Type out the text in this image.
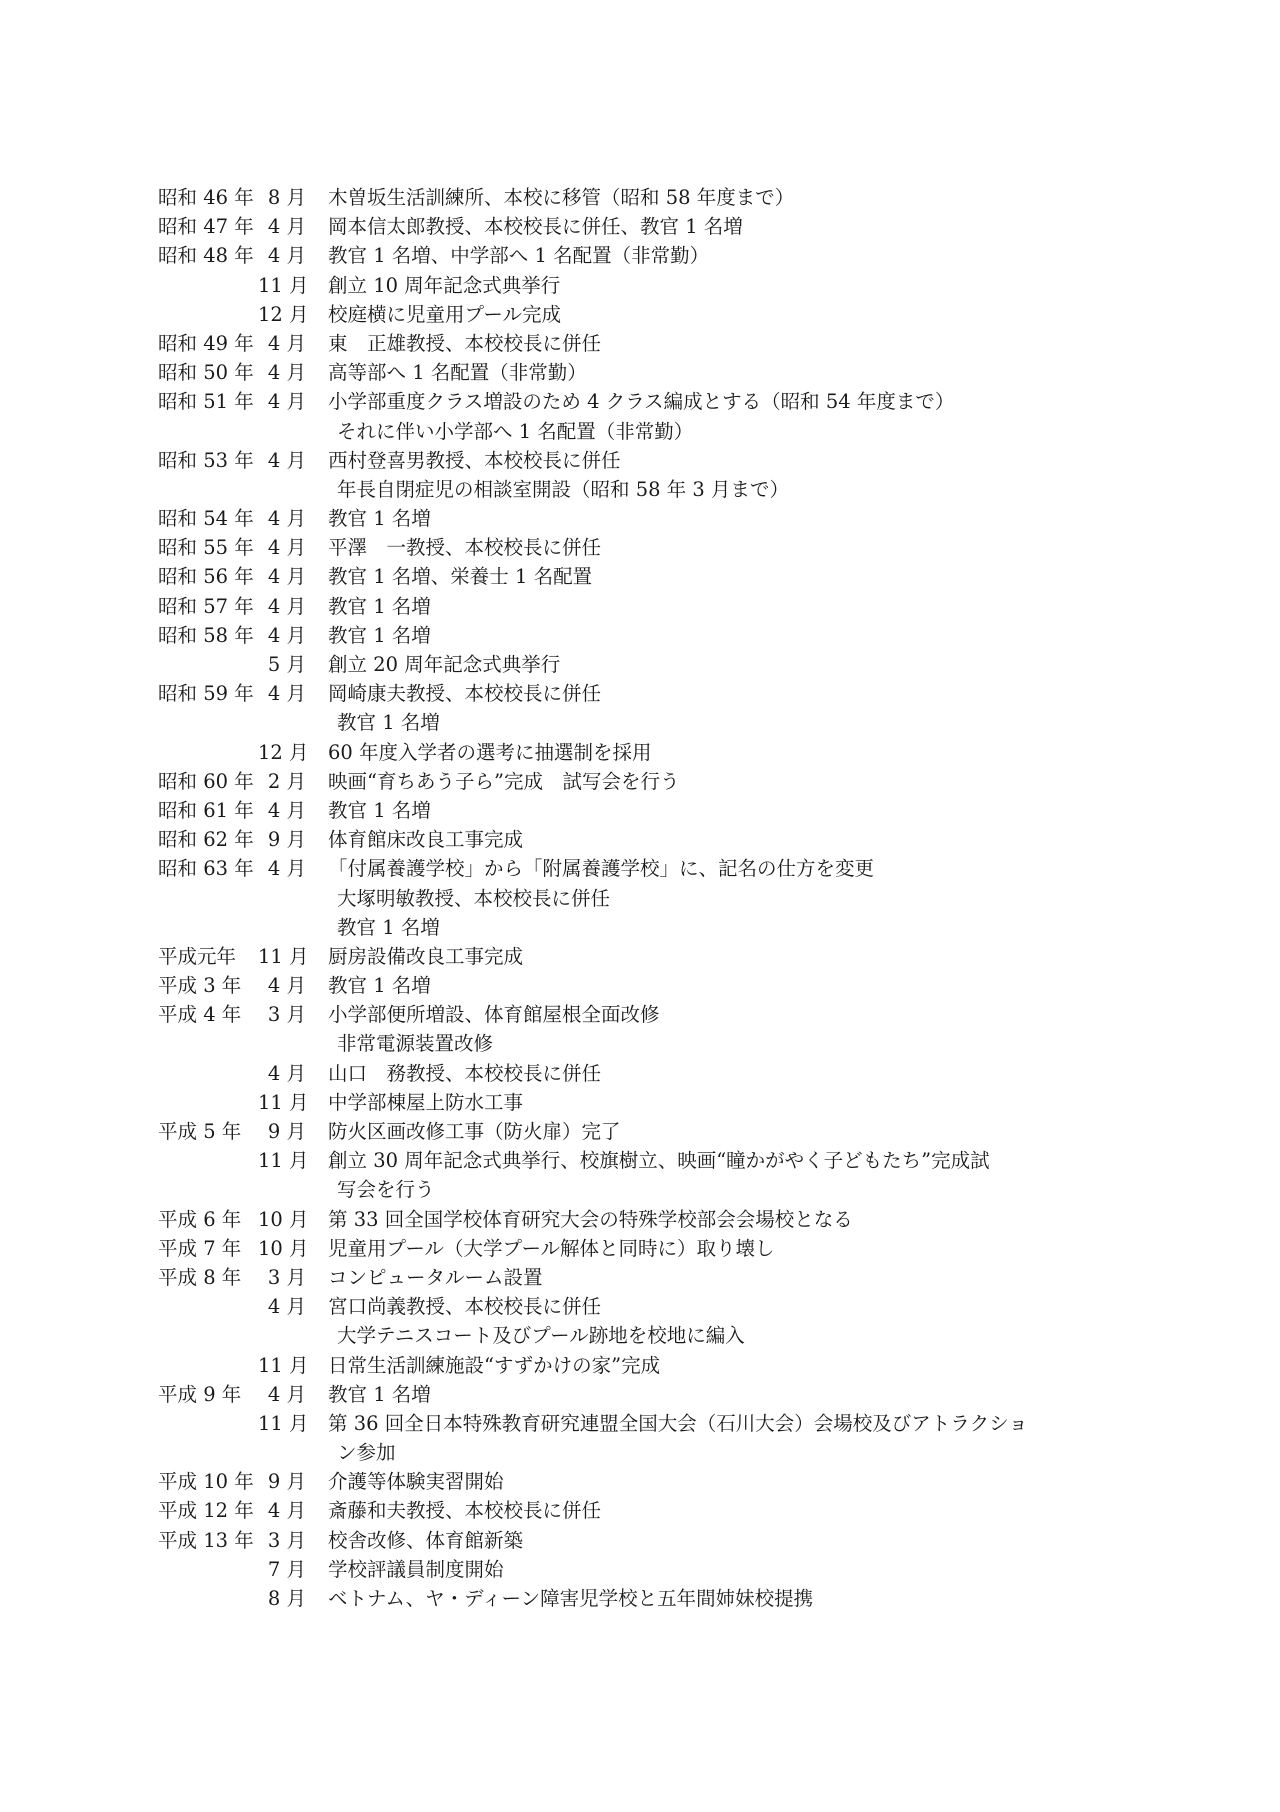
昭和 46 年 8 月 木曽坂生活訓練所、本校に移管（昭和 58 年度まで）
昭和 47 年 4 月 岡本信太郎教授、本校校長に併任、教官 1 名増
昭和 48 年 4 月 教官 1 名増、中学部へ 1 名配置（非常勤）
11 月 創立 10 周年記念式典挙行
12 月 校庭横に児童用プール完成
昭和 49 年 4 月 東　正雄教授、本校校長に併任
昭和 50 年 4 月 高等部へ 1 名配置（非常勤）
昭和 51 年 4 月 小学部重度クラス増設のため 4 クラス編成とする（昭和 54 年度まで）
それに伴い小学部へ 1 名配置（非常勤）
昭和 53 年 4 月 西村登喜男教授、本校校長に併任
年長自閉症児の相談室開設（昭和 58 年 3 月まで）
昭和 54 年 4 月 教官 1 名増
昭和 55 年 4 月 平澤　一教授、本校校長に併任
昭和 56 年 4 月 教官 1 名増、栄養士 1 名配置
昭和 57 年 4 月 教官 1 名増
昭和 58 年 4 月 教官 1 名増
5 月 創立 20 周年記念式典挙行
昭和 59 年 4 月 岡崎康夫教授、本校校長に併任
教官 1 名増
12 月 60 年度入学者の選考に抽選制を採用
昭和 60 年 2 月 映画“育ちあう子ら”完成　試写会を行う
昭和 61 年 4 月 教官 1 名増
昭和 62 年 9 月 体育館床改良工事完成
昭和 63 年 4 月 「付属養護学校」から「附属養護学校」に、記名の仕方を変更
大塚明敏教授、本校校長に併任
教官 1 名増
平成元年	11 月 厨房設備改良工事完成
平成 3 年	4 月 教官 1 名増
平成 4 年	3 月 小学部便所増設、体育館屋根全面改修
非常電源装置改修
4 月 山口　務教授、本校校長に併任
11 月 中学部棟屋上防水工事
平成 5 年	9 月 防火区画改修工事（防火扉）完了
11 月 創立 30 周年記念式典挙行、校旗樹立、映画“瞳かがやく子どもたち”完成試
写会を行う
平成 6 年 10 月 第 33 回全国学校体育研究大会の特殊学校部会会場校となる
平成 7 年 10 月 児童用プール（大学プール解体と同時に）取り壊し
平成 8 年	3 月 コンピュータルーム設置
4 月 宮口尚義教授、本校校長に併任
大学テニスコート及びプール跡地を校地に編入
11 月 日常生活訓練施設“すずかけの家”完成
平成 9 年	4 月 教官 1 名増
11 月 第 36 回全日本特殊教育研究連盟全国大会（石川大会）会場校及びアトラクショ
ン参加
平成 10 年 9 月 介護等体験実習開始
平成 12 年 4 月 斎藤和夫教授、本校校長に併任
平成 13 年 3 月 校舎改修、体育館新築
7 月 学校評議員制度開始
8 月 ベトナム、ヤ・ディーン障害児学校と五年間姉妹校提携
